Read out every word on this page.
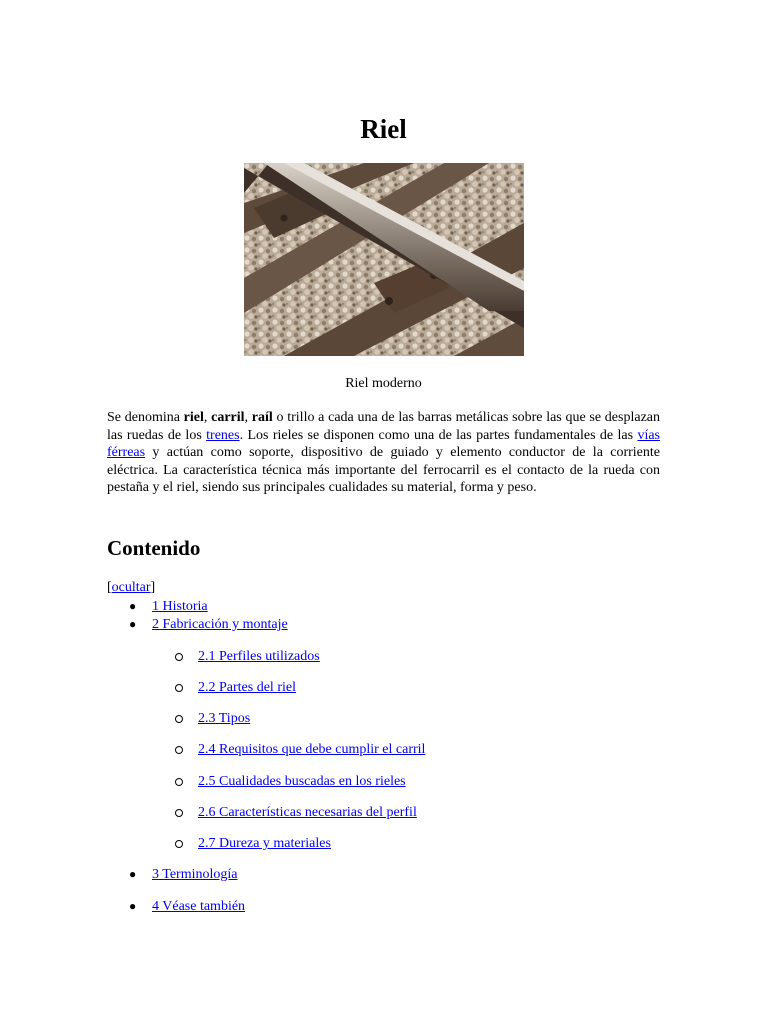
Riel
Riel moderno

Se denomina riel, carril, raíl o trillo a cada una de las barras metálicas sobre las que se desplazan las ruedas de los trenes. Los rieles se disponen como una de las partes fundamentales de las vías férreas y actúan como soporte, dispositivo de guiado y elemento conductor de la corriente eléctrica. La característica técnica más importante del ferrocarril es el contacto de la rueda con pestaña y el riel, siendo sus principales cualidades su material, forma y peso.

Contenido
[ocultar]
● 1 Historia
● 2 Fabricación y montaje
2.1 Perfiles utilizados
2.2 Partes del riel
2.3 Tipos
2.4 Requisitos que debe cumplir el carril
2.5 Cualidades buscadas en los rieles
2.6 Características necesarias del perfil
2.7 Dureza y materiales
● 3 Terminología
● 4 Véase también
